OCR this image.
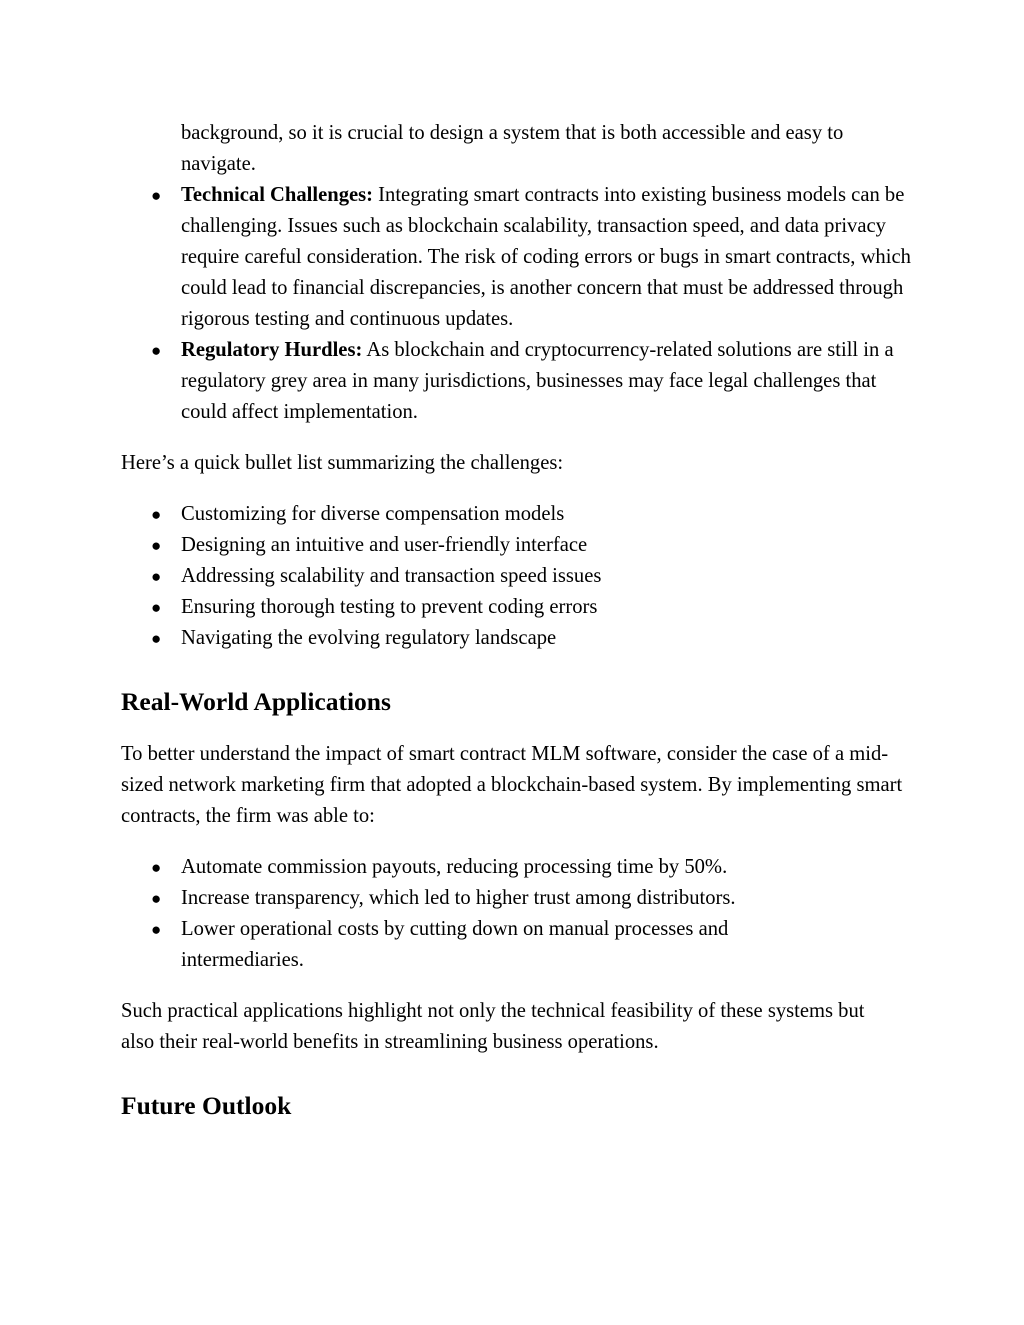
background, so it is crucial to design a system that is both accessible and easy to navigate.

● Technical Challenges: Integrating smart contracts into existing business models can be challenging. Issues such as blockchain scalability, transaction speed, and data privacy require careful consideration. The risk of coding errors or bugs in smart contracts, which could lead to financial discrepancies, is another concern that must be addressed through rigorous testing and continuous updates.
● Regulatory Hurdles: As blockchain and cryptocurrency-related solutions are still in a regulatory grey area in many jurisdictions, businesses may face legal challenges that could affect implementation.

Here’s a quick bullet list summarizing the challenges:

● Customizing for diverse compensation models
● Designing an intuitive and user-friendly interface
● Addressing scalability and transaction speed issues
● Ensuring thorough testing to prevent coding errors
● Navigating the evolving regulatory landscape
Real-World Applications

To better understand the impact of smart contract MLM software, consider the case of a mid-sized network marketing firm that adopted a blockchain-based system. By implementing smart contracts, the firm was able to:

● Automate commission payouts, reducing processing time by 50%.
● Increase transparency, which led to higher trust among distributors.
● Lower operational costs by cutting down on manual processes and intermediaries.

Such practical applications highlight not only the technical feasibility of these systems but also their real-world benefits in streamlining business operations.

Future Outlook
